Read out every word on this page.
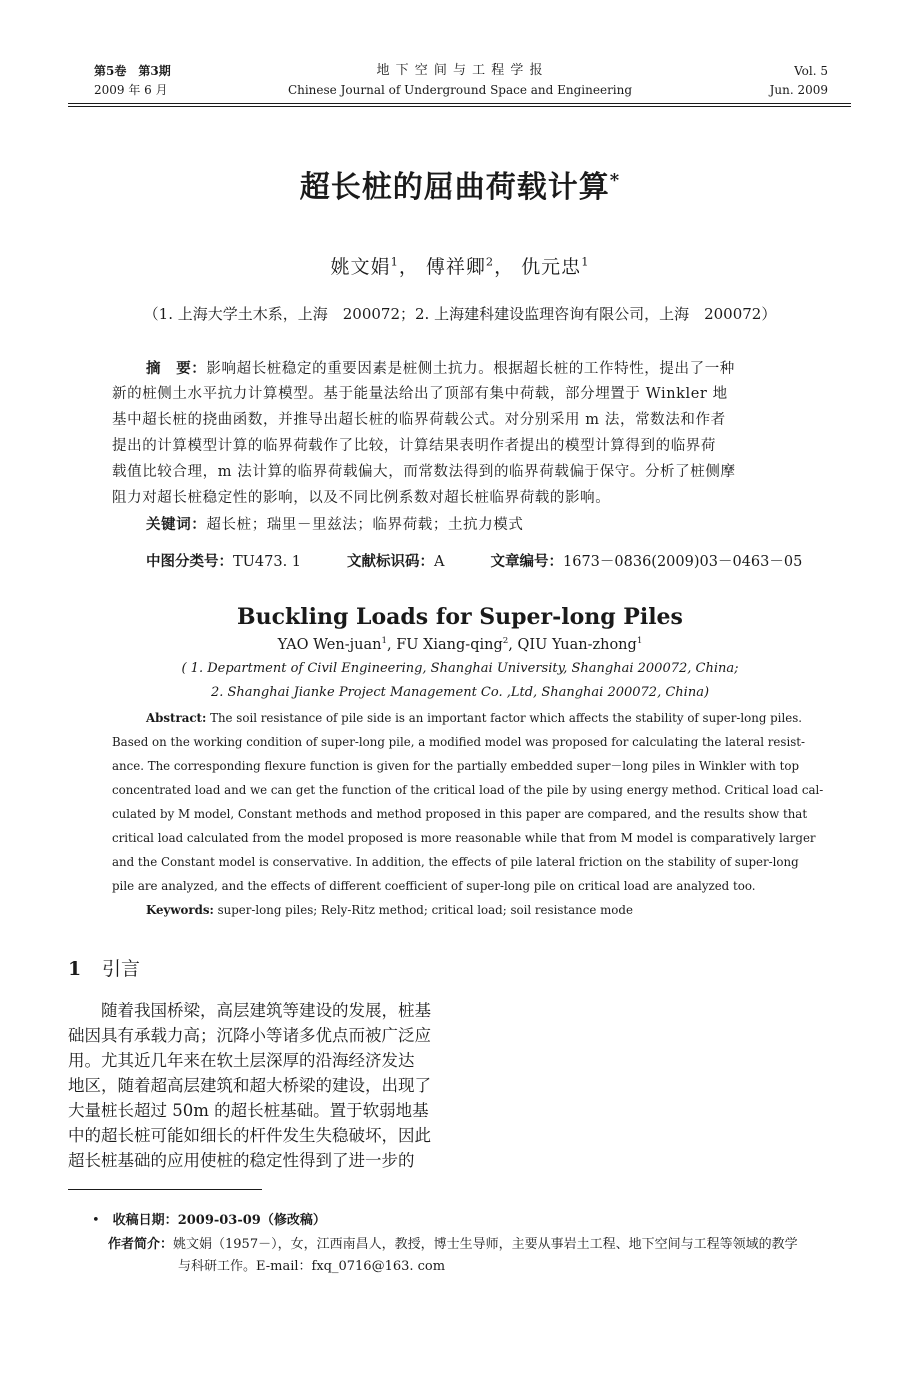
第5卷　第3期
2009 年 6 月
地 下 空 间 与 工 程 学 报
Chinese Journal of Underground Space and Engineering
Vol. 5
Jun. 2009
超长桩的屈曲荷载计算*
姚文娟$^1$， 傅祥卿$^2$， 仇元忠$^1$
（1. 上海大学土木系，上海　200072；2. 上海建科建设监理咨询有限公司，上海　200072）
摘　要：影响超长桩稳定的重要因素是桩侧土抗力。根据超长桩的工作特性，提出了一种
新的桩侧土水平抗力计算模型。基于能量法给出了顶部有集中荷载，部分埋置于 Winkler 地
基中超长桩的挠曲函数，并推导出超长桩的临界荷载公式。对分别采用 m 法，常数法和作者
提出的计算模型计算的临界荷载作了比较，计算结果表明作者提出的模型计算得到的临界荷
载值比较合理，m 法计算的临界荷载偏大，而常数法得到的临界荷载偏于保守。分析了桩侧摩
阻力对超长桩稳定性的影响，以及不同比例系数对超长桩临界荷载的影响。
关键词：超长桩；瑞里－里兹法；临界荷载；土抗力模式
中图分类号：TU473. 1	文献标识码：A	文章编号：1673－0836(2009)03－0463－05
Buckling Loads for Super-long Piles
YAO Wen-juan$^1$, FU Xiang-qing$^2$, QIU Yuan-zhong$^1$
( 1. Department of Civil Engineering, Shanghai University, Shanghai 200072, China;
2. Shanghai Jianke Project Management Co. ,Ltd, Shanghai 200072, China)
Abstract: The soil resistance of pile side is an important factor which affects the stability of super-long piles.
Based on the working condition of super-long pile, a modified model was proposed for calculating the lateral resist-
ance. The corresponding flexure function is given for the partially embedded super－long piles in Winkler with top
concentrated load and we can get the function of the critical load of the pile by using energy method. Critical load cal-
culated by M model, Constant methods and method proposed in this paper are compared, and the results show that
critical load calculated from the model proposed is more reasonable while that from M model is comparatively larger
and the Constant model is conservative. In addition, the effects of pile lateral friction on the stability of super-long
pile are analyzed, and the effects of different coefficient of super-long pile on critical load are analyzed too.
Keywords: super-long piles; Rely-Ritz method; critical load; soil resistance mode
1 引言
　　随着我国桥梁，高层建筑等建设的发展，桩基
础因具有承载力高；沉降小等诸多优点而被广泛应
用。尤其近几年来在软土层深厚的沿海经济发达
地区，随着超高层建筑和超大桥梁的建设，出现了
大量桩长超过 50m 的超长桩基础。置于软弱地基
中的超长桩可能如细长的杆件发生失稳破坏，因此
超长桩基础的应用使桩的稳定性得到了进一步的
•　收稿日期：2009-03-09（修改稿）
作者简介：姚文娟（1957－），女，江西南昌人，教授，博士生导师，主要从事岩土工程、地下空间与工程等领域的教学
与科研工作。E-mail：fxq_0716@163. com
